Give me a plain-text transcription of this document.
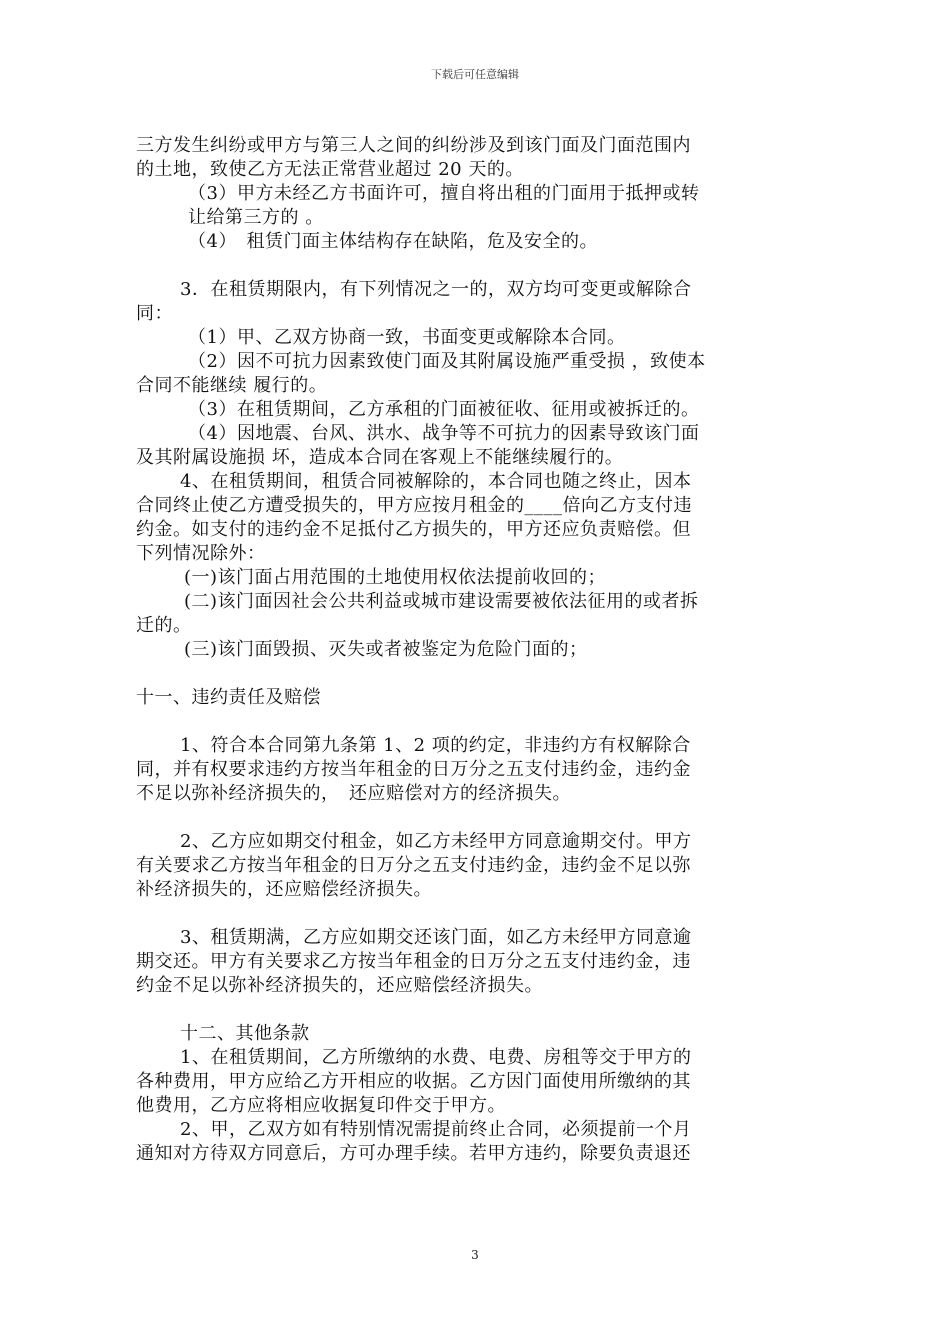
下载后可任意编辑
三方发生纠纷或甲方与第三人之间的纠纷涉及到该门面及门面范围内
的土地，致使乙方无法正常营业超过 20 天的。
（3）甲方未经乙方书面许可，擅自将出租的门面用于抵押或转
让给第三方的 。
（4）　租赁门面主体结构存在缺陷，危及安全的。
3．在租赁期限内，有下列情况之一的，双方均可变更或解除合
同：
（1）甲、乙双方协商一致，书面变更或解除本合同。
（2）因不可抗力因素致使门面及其附属设施严重受损 ，致使本
合同不能继续 履行的。
（3）在租赁期间，乙方承租的门面被征收、征用或被拆迁的。
（4）因地震、台风、洪水、战争等不可抗力的因素导致该门面
及其附属设施损 坏，造成本合同在客观上不能继续履行的。
4、在租赁期间，租赁合同被解除的，本合同也随之终止，因本
合同终止使乙方遭受损失的，甲方应按月租金的____倍向乙方支付违
约金。如支付的违约金不足抵付乙方损失的，甲方还应负责赔偿。但
下列情况除外：
(一)该门面占用范围的土地使用权依法提前收回的；
(二)该门面因社会公共利益或城市建设需要被依法征用的或者拆
迁的。
(三)该门面毁损、灭失或者被鉴定为危险门面的；
十一、违约责任及赔偿
1、符合本合同第九条第 1、2 项的约定，非违约方有权解除合
同，并有权要求违约方按当年租金的日万分之五支付违约金，违约金
不足以弥补经济损失的，　还应赔偿对方的经济损失。
2、乙方应如期交付租金，如乙方未经甲方同意逾期交付。甲方
有关要求乙方按当年租金的日万分之五支付违约金，违约金不足以弥
补经济损失的，还应赔偿经济损失。
3、租赁期满，乙方应如期交还该门面，如乙方未经甲方同意逾
期交还。甲方有关要求乙方按当年租金的日万分之五支付违约金，违
约金不足以弥补经济损失的，还应赔偿经济损失。
十二、其他条款
1、在租赁期间，乙方所缴纳的水费、电费、房租等交于甲方的
各种费用，甲方应给乙方开相应的收据。乙方因门面使用所缴纳的其
他费用，乙方应将相应收据复印件交于甲方。
2、甲，乙双方如有特别情况需提前终止合同，必须提前一个月
通知对方待双方同意后，方可办理手续。若甲方违约，除要负责退还
3
